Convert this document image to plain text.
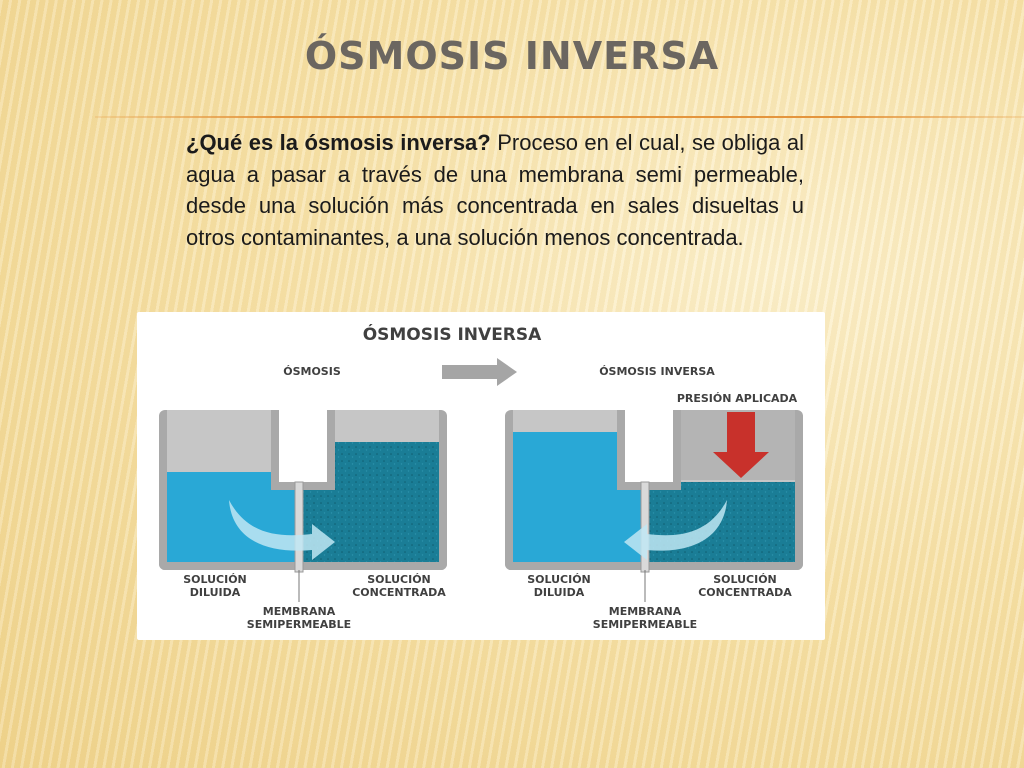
ÓSMOSIS INVERSA
¿Qué es la ósmosis inversa? Proceso en el cual, se obliga al agua a pasar a través de una membrana semi permeable, desde una solución más concentrada en sales disueltas u otros contaminantes, a una solución menos concentrada.
ÓSMOSIS INVERSA
ÓSMOSIS	ÓSMOSIS INVERSA
PRESIÓN APLICADA
SOLUCIÓN
DILUIDA
SOLUCIÓN
CONCENTRADA
MEMBRANA
SEMIPERMEABLE
SOLUCIÓN
DILUIDA
SOLUCIÓN
CONCENTRADA
MEMBRANA
SEMIPERMEABLE
